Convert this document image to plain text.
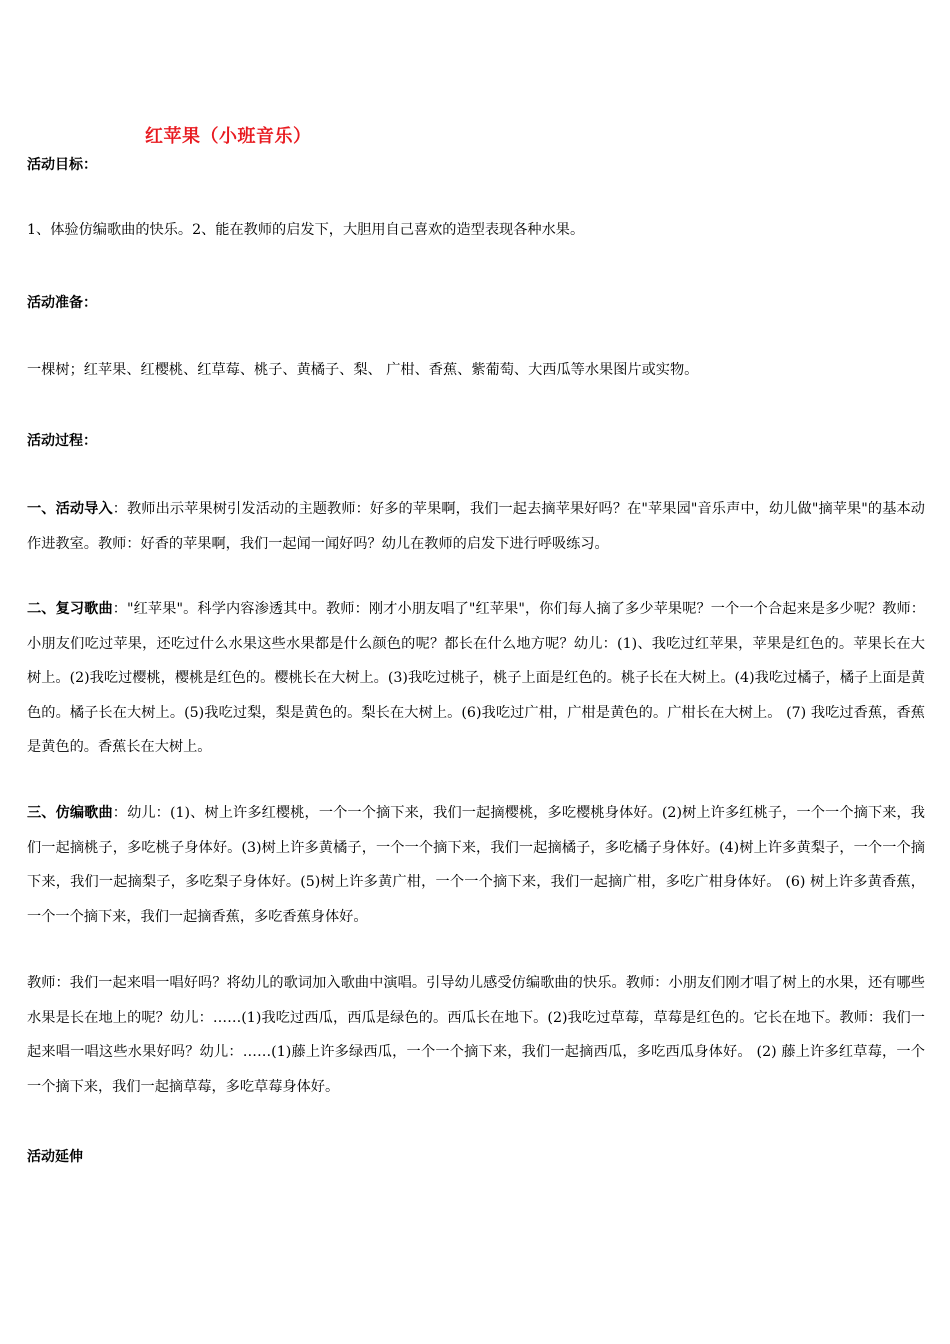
红苹果（小班音乐）
活动目标：
1、体验仿编歌曲的快乐。2、能在教师的启发下，大胆用自己喜欢的造型表现各种水果。
活动准备：
一棵树；红苹果、红樱桃、红草莓、桃子、黄橘子、梨、 广柑、香蕉、紫葡萄、大西瓜等水果图片或实物。
活动过程：
一、活动导入：教师出示苹果树引发活动的主题教师：好多的苹果啊，我们一起去摘苹果好吗？在"苹果园"音乐声中，幼儿做"摘苹果"的基本动作进教室。教师：好香的苹果啊，我们一起闻一闻好吗？幼儿在教师的启发下进行呼吸练习。
二、复习歌曲："红苹果"。科学内容渗透其中。教师：刚才小朋友唱了"红苹果"，你们每人摘了多少苹果呢？一个一个合起来是多少呢？教师：小朋友们吃过苹果，还吃过什么水果这些水果都是什么颜色的呢？都长在什么地方呢？幼儿：(1)、我吃过红苹果，苹果是红色的。苹果长在大树上。(2)我吃过樱桃，樱桃是红色的。樱桃长在大树上。(3)我吃过桃子，桃子上面是红色的。桃子长在大树上。(4)我吃过橘子，橘子上面是黄色的。橘子长在大树上。(5)我吃过梨，梨是黄色的。梨长在大树上。(6)我吃过广柑，广柑是黄色的。广柑长在大树上。 (7) 我吃过香蕉，香蕉是黄色的。香蕉长在大树上。
三、仿编歌曲：幼儿：(1)、树上许多红樱桃，一个一个摘下来，我们一起摘樱桃，多吃樱桃身体好。(2)树上许多红桃子，一个一个摘下来，我们一起摘桃子，多吃桃子身体好。(3)树上许多黄橘子，一个一个摘下来，我们一起摘橘子，多吃橘子身体好。(4)树上许多黄梨子，一个一个摘下来，我们一起摘梨子，多吃梨子身体好。(5)树上许多黄广柑，一个一个摘下来，我们一起摘广柑，多吃广柑身体好。 (6) 树上许多黄香蕉，一个一个摘下来，我们一起摘香蕉，多吃香蕉身体好。
教师：我们一起来唱一唱好吗？将幼儿的歌词加入歌曲中演唱。引导幼儿感受仿编歌曲的快乐。教师：小朋友们刚才唱了树上的水果，还有哪些水果是长在地上的呢？幼儿：……(1)我吃过西瓜，西瓜是绿色的。西瓜长在地下。(2)我吃过草莓，草莓是红色的。它长在地下。教师：我们一起来唱一唱这些水果好吗？幼儿：……(1)藤上许多绿西瓜，一个一个摘下来，我们一起摘西瓜，多吃西瓜身体好。 (2) 藤上许多红草莓，一个一个摘下来，我们一起摘草莓，多吃草莓身体好。
活动延伸
